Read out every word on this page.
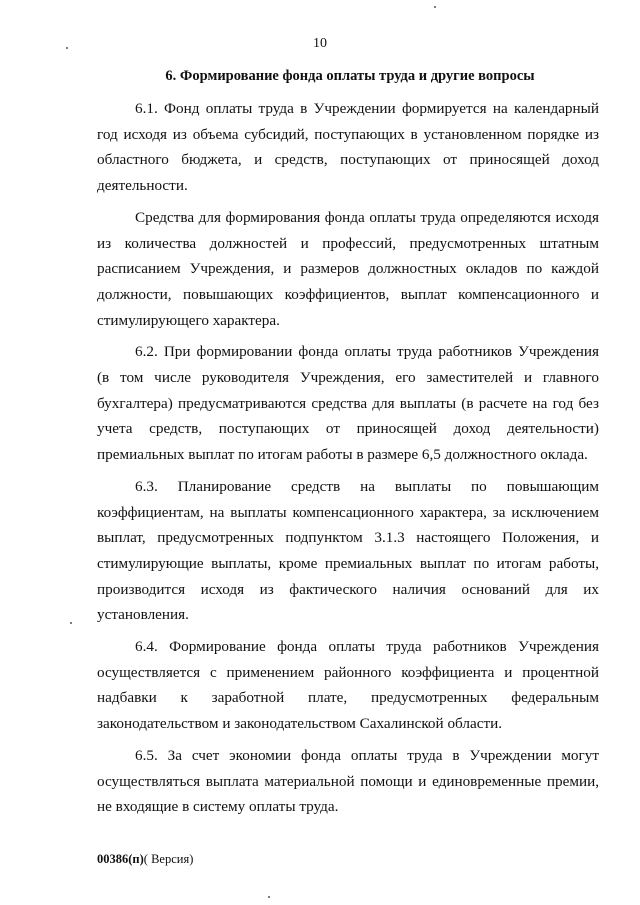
10
6. Формирование фонда оплаты труда и другие вопросы

6.1. Фонд оплаты труда в Учреждении формируется на календарный год исходя из объема субсидий, поступающих в установленном порядке из областного бюджета, и средств, поступающих от приносящей доход деятельности.

Средства для формирования фонда оплаты труда определяются исходя из количества должностей и профессий, предусмотренных штатным расписанием Учреждения, и размеров должностных окладов по каждой должности, повышающих коэффициентов, выплат компенсационного и стимулирующего характера.

6.2. При формировании фонда оплаты труда работников Учреждения (в том числе руководителя Учреждения, его заместителей и главного бухгалтера) предусматриваются средства для выплаты (в расчете на год без учета средств, поступающих от приносящей доход деятельности) премиальных выплат по итогам работы в размере 6,5 должностного оклада.

6.3. Планирование средств на выплаты по повышающим коэффициентам, на выплаты компенсационного характера, за исключением выплат, предусмотренных подпунктом 3.1.3 настоящего Положения, и стимулирующие выплаты, кроме премиальных выплат по итогам работы, производится исходя из фактического наличия оснований для их установления.

6.4. Формирование фонда оплаты труда работников Учреждения осуществляется с применением районного коэффициента и процентной надбавки к заработной плате, предусмотренных федеральным законодательством и законодательством Сахалинской области.

6.5. За счет экономии фонда оплаты труда в Учреждении могут осуществляться выплата материальной помощи и единовременные премии, не входящие в систему оплаты труда.

00386(п)( Версия)
